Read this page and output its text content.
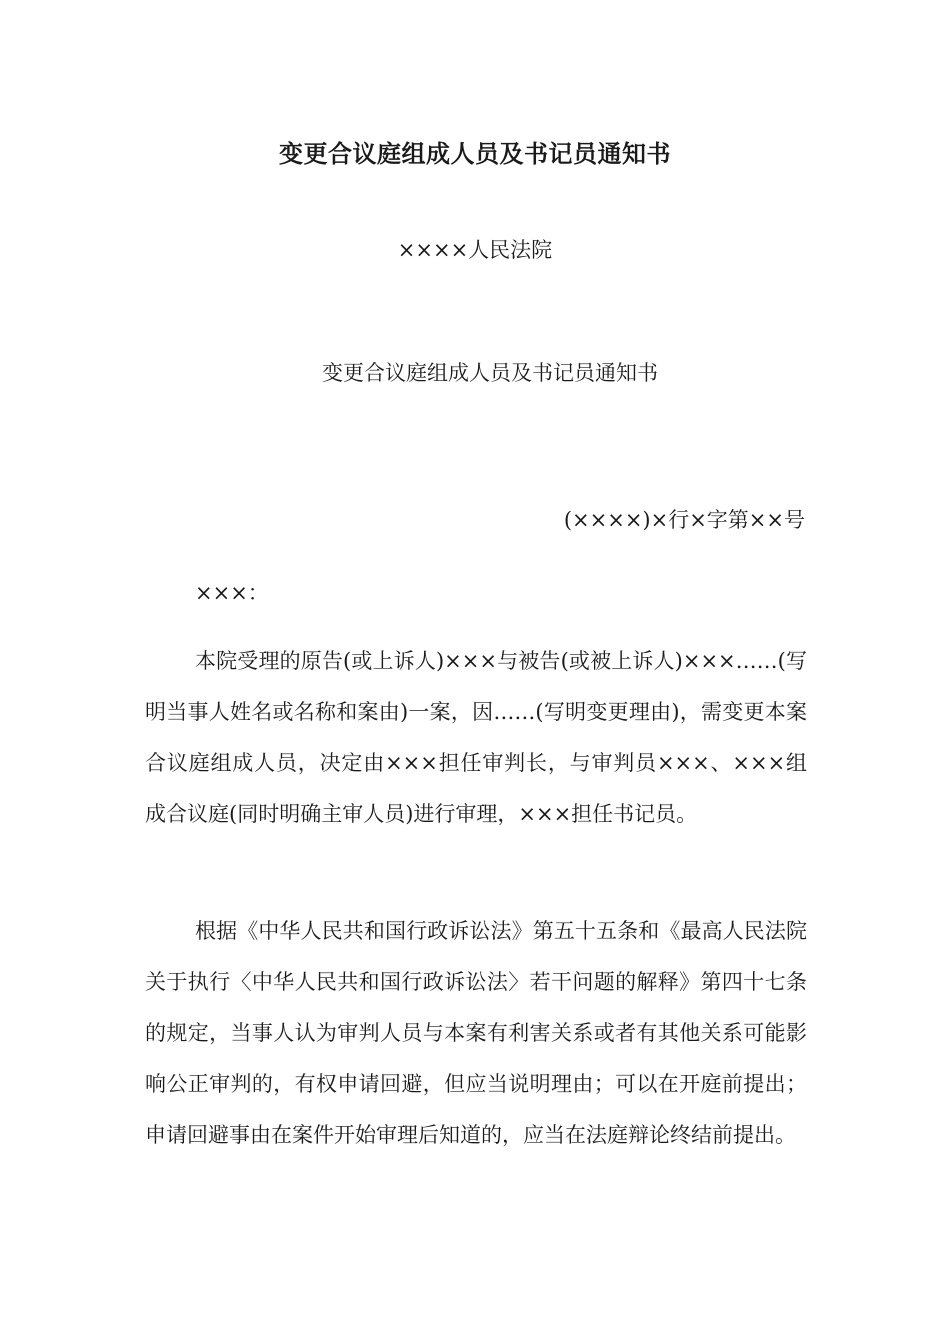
变更合议庭组成人员及书记员通知书
××××人民法院
变更合议庭组成人员及书记员通知书
(××××)×行×字第××号
×××：

本院受理的原告(或上诉人)×××与被告(或被上诉人)×××……(写明当事人姓名或名称和案由)一案，因……(写明变更理由)，需变更本案合议庭组成人员，决定由×××担任审判长，与审判员×××、×××组成合议庭(同时明确主审人员)进行审理，×××担任书记员。

根据《中华人民共和国行政诉讼法》第五十五条和《最高人民法院关于执行〈中华人民共和国行政诉讼法〉若干问题的解释》第四十七条的规定，当事人认为审判人员与本案有利害关系或者有其他关系可能影响公正审判的，有权申请回避，但应当说明理由；可以在开庭前提出；申请回避事由在案件开始审理后知道的，应当在法庭辩论终结前提出。
